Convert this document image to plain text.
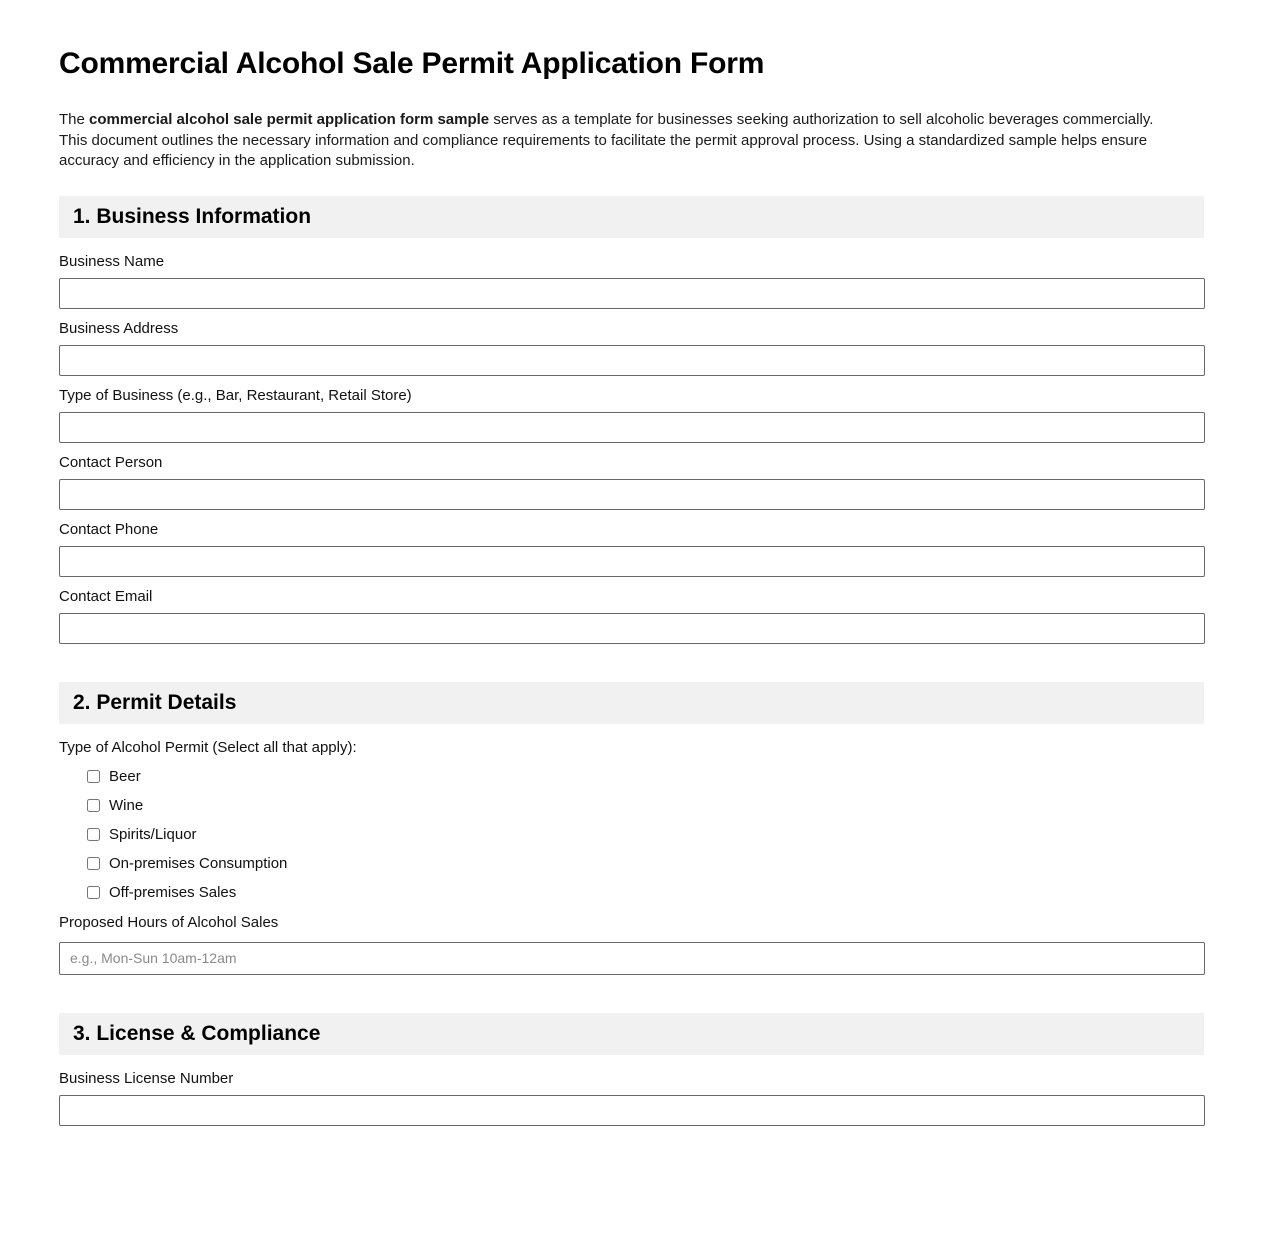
Commercial Alcohol Sale Permit Application Form

The commercial alcohol sale permit application form sample serves as a template for businesses seeking authorization to sell alcoholic beverages commercially. This document outlines the necessary information and compliance requirements to facilitate the permit approval process. Using a standardized sample helps ensure accuracy and efficiency in the application submission.

1. Business Information
Business Name
Business Address
Type of Business (e.g., Bar, Restaurant, Retail Store)
Contact Person
Contact Phone
Contact Email
2. Permit Details
Type of Alcohol Permit (Select all that apply):
Beer
Wine
Spirits/Liquor
On-premises Consumption
Off-premises Sales
Proposed Hours of Alcohol Sales
e.g., Mon-Sun 10am-12am
3. License & Compliance
Business License Number
